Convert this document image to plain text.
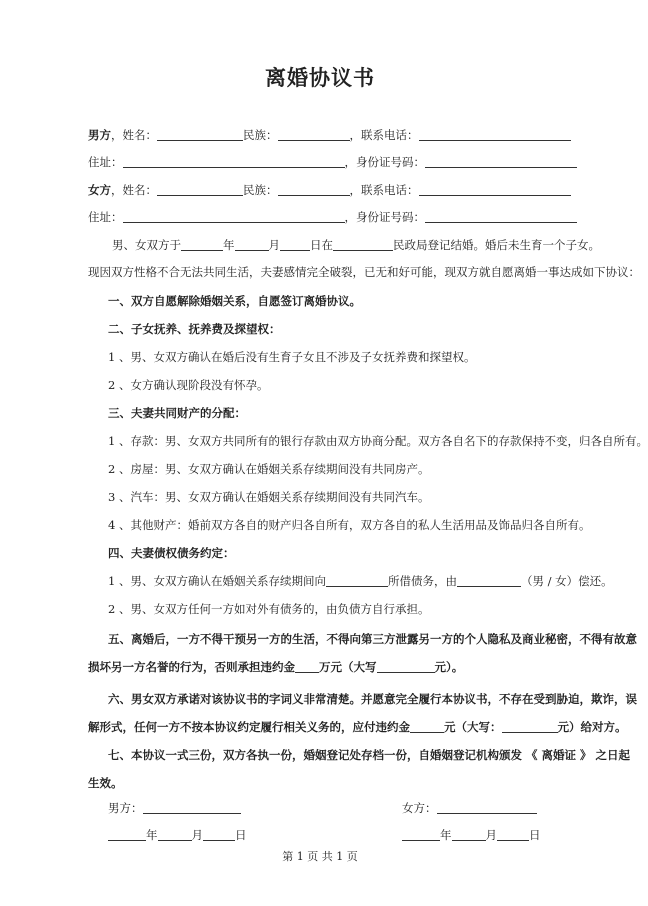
离婚协议书
男方，姓名：	民族：	，联系电话：
住址：	，身份证号码：
女方，姓名：	民族：	，联系电话：
住址：	，身份证号码：
男、女双方于	年	月	日在	民政局登记结婚。婚后未生育一个子女。
现因双方性格不合无法共同生活，夫妻感情完全破裂，已无和好可能，现双方就自愿离婚一事达成如下协议：
一、双方自愿解除婚姻关系，自愿签订离婚协议。
二、子女抚养、抚养费及探望权：
1 、男、女双方确认在婚后没有生育子女且不涉及子女抚养费和探望权。
2 、女方确认现阶段没有怀孕。
三、夫妻共同财产的分配：
1 、存款：男、女双方共同所有的银行存款由双方协商分配。双方各自名下的存款保持不变，归各自所有。
2 、房屋：男、女双方确认在婚姻关系存续期间没有共同房产。
3 、汽车：男、女双方确认在婚姻关系存续期间没有共同汽车。
4 、其他财产：婚前双方各自的财产归各自所有，双方各自的私人生活用品及饰品归各自所有。
四、夫妻债权债务约定：
1 、男、女双方确认在婚姻关系存续期间向	所借债务，由	（男 / 女）偿还。
2 、男、女双方任何一方如对外有债务的，由负债方自行承担。
五、离婚后，一方不得干预另一方的生活，不得向第三方泄露另一方的个人隐私及商业秘密，不得有故意
损坏另一方名誉的行为，否则承担违约金 万元（大写	元）。
六、男女双方承诺对该协议书的字词义非常清楚。并愿意完全履行本协议书，不存在受到胁迫，欺诈，误
解形式，任何一方不按本协议约定履行相关义务的，应付违约金	元（大写：	元）给对方。
七、本协议一式三份，双方各执一份，婚姻登记处存档一份，自婚姻登记机构颁发 《 离婚证 》 之日起
生效。
男方：	女方：
年	月	日	年	月	日
第 1 页 共 1 页
